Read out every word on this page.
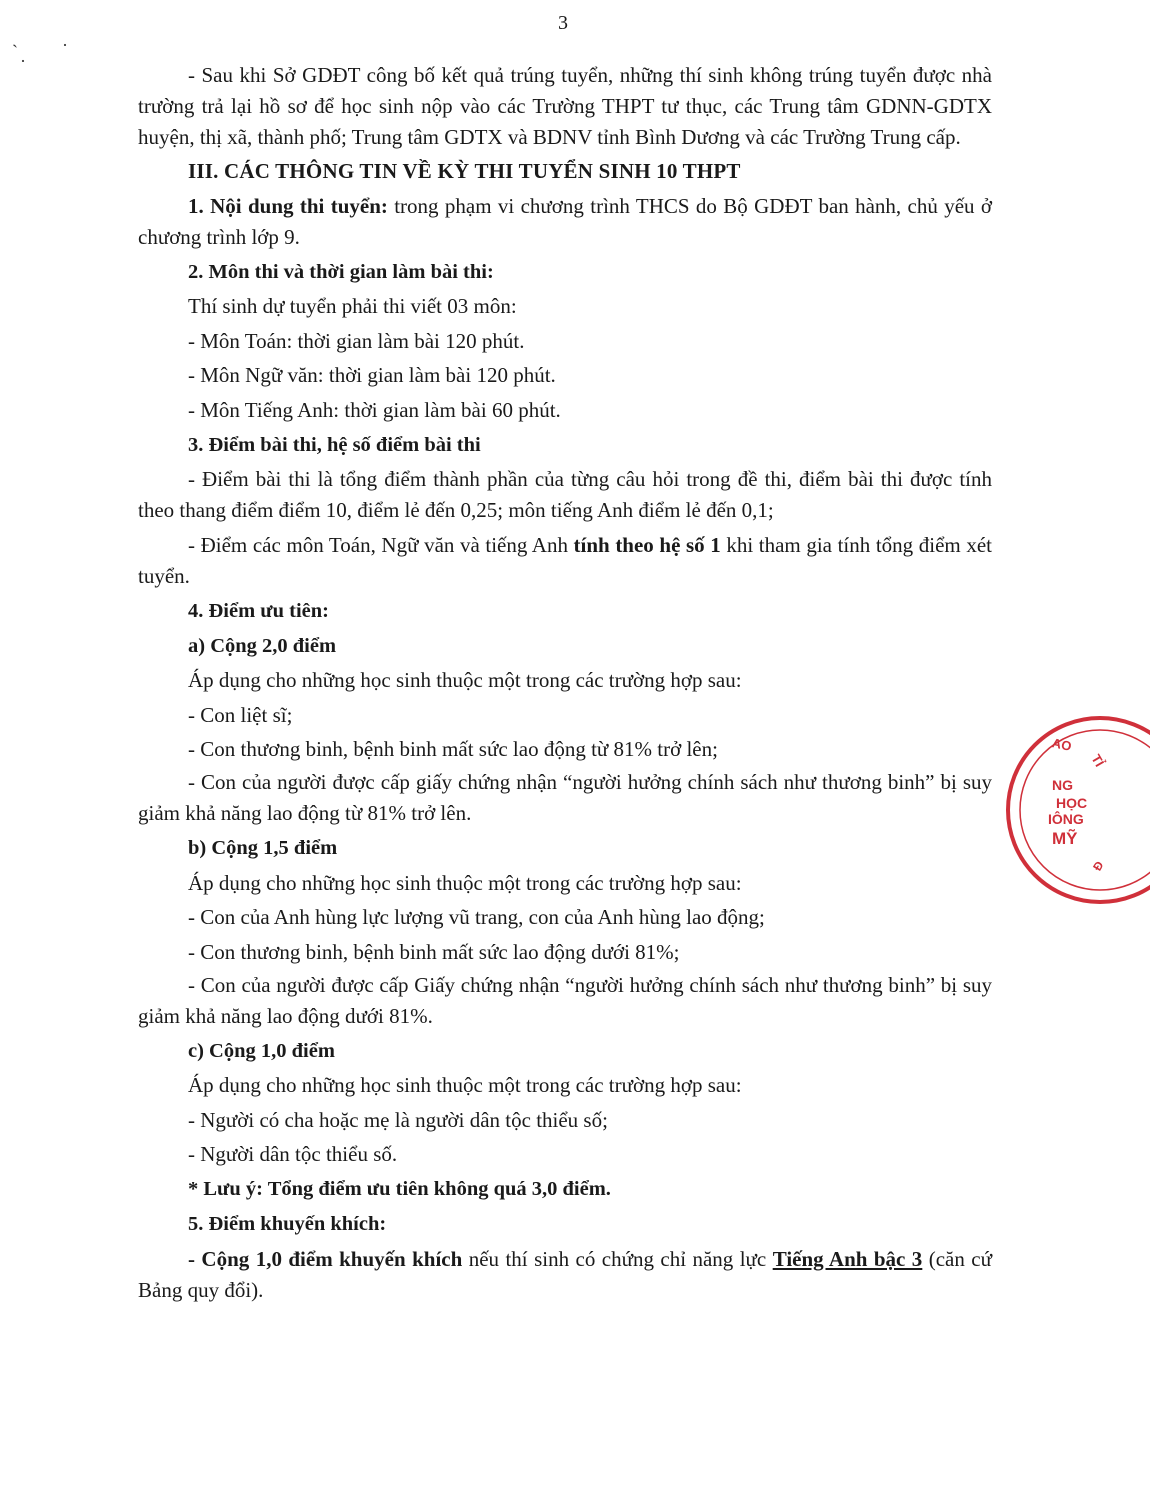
3
˴
·
·

- Sau khi Sở GDĐT công bố kết quả trúng tuyển, những thí sinh không trúng tuyển được nhà trường trả lại hồ sơ để học sinh nộp vào các Trường THPT tư thục, các Trung tâm GDNN-GDTX huyện, thị xã, thành phố; Trung tâm GDTX và BDNV tỉnh Bình Dương và các Trường Trung cấp.

III. CÁC THÔNG TIN VỀ KỲ THI TUYỂN SINH 10 THPT

1. Nội dung thi tuyển: trong phạm vi chương trình THCS do Bộ GDĐT ban hành, chủ yếu ở chương trình lớp 9.

2. Môn thi và thời gian làm bài thi:

Thí sinh dự tuyển phải thi viết 03 môn:

- Môn Toán: thời gian làm bài 120 phút.

- Môn Ngữ văn: thời gian làm bài 120 phút.

- Môn Tiếng Anh: thời gian làm bài 60 phút.

3. Điểm bài thi, hệ số điểm bài thi

- Điểm bài thi là tổng điểm thành phần của từng câu hỏi trong đề thi, điểm bài thi được tính theo thang điểm điểm 10, điểm lẻ đến 0,25; môn tiếng Anh điểm lẻ đến 0,1;

- Điểm các môn Toán, Ngữ văn và tiếng Anh tính theo hệ số 1 khi tham gia tính tổng điểm xét tuyển.

4. Điểm ưu tiên:

a) Cộng 2,0 điểm

Áp dụng cho những học sinh thuộc một trong các trường hợp sau:

- Con liệt sĩ;

- Con thương binh, bệnh binh mất sức lao động từ 81% trở lên;

- Con của người được cấp giấy chứng nhận “người hưởng chính sách như thương binh” bị suy giảm khả năng lao động từ 81% trở lên.

b) Cộng 1,5 điểm

Áp dụng cho những học sinh thuộc một trong các trường hợp sau:

- Con của Anh hùng lực lượng vũ trang, con của Anh hùng lao động;

- Con thương binh, bệnh binh mất sức lao động dưới 81%;

- Con của người được cấp Giấy chứng nhận “người hưởng chính sách như thương binh” bị suy giảm khả năng lao động dưới 81%.

c) Cộng 1,0 điểm

Áp dụng cho những học sinh thuộc một trong các trường hợp sau:

- Người có cha hoặc mẹ là người dân tộc thiểu số;

- Người dân tộc thiểu số.

* Lưu ý: Tổng điểm ưu tiên không quá 3,0 điểm.

5. Điểm khuyến khích:

- Cộng 1,0 điểm khuyến khích nếu thí sinh có chứng chỉ năng lực Tiếng Anh bậc 3 (căn cứ Bảng quy đổi).

AO
TỈ
NG
HỌC
IÔNG
MỸ
Đ
